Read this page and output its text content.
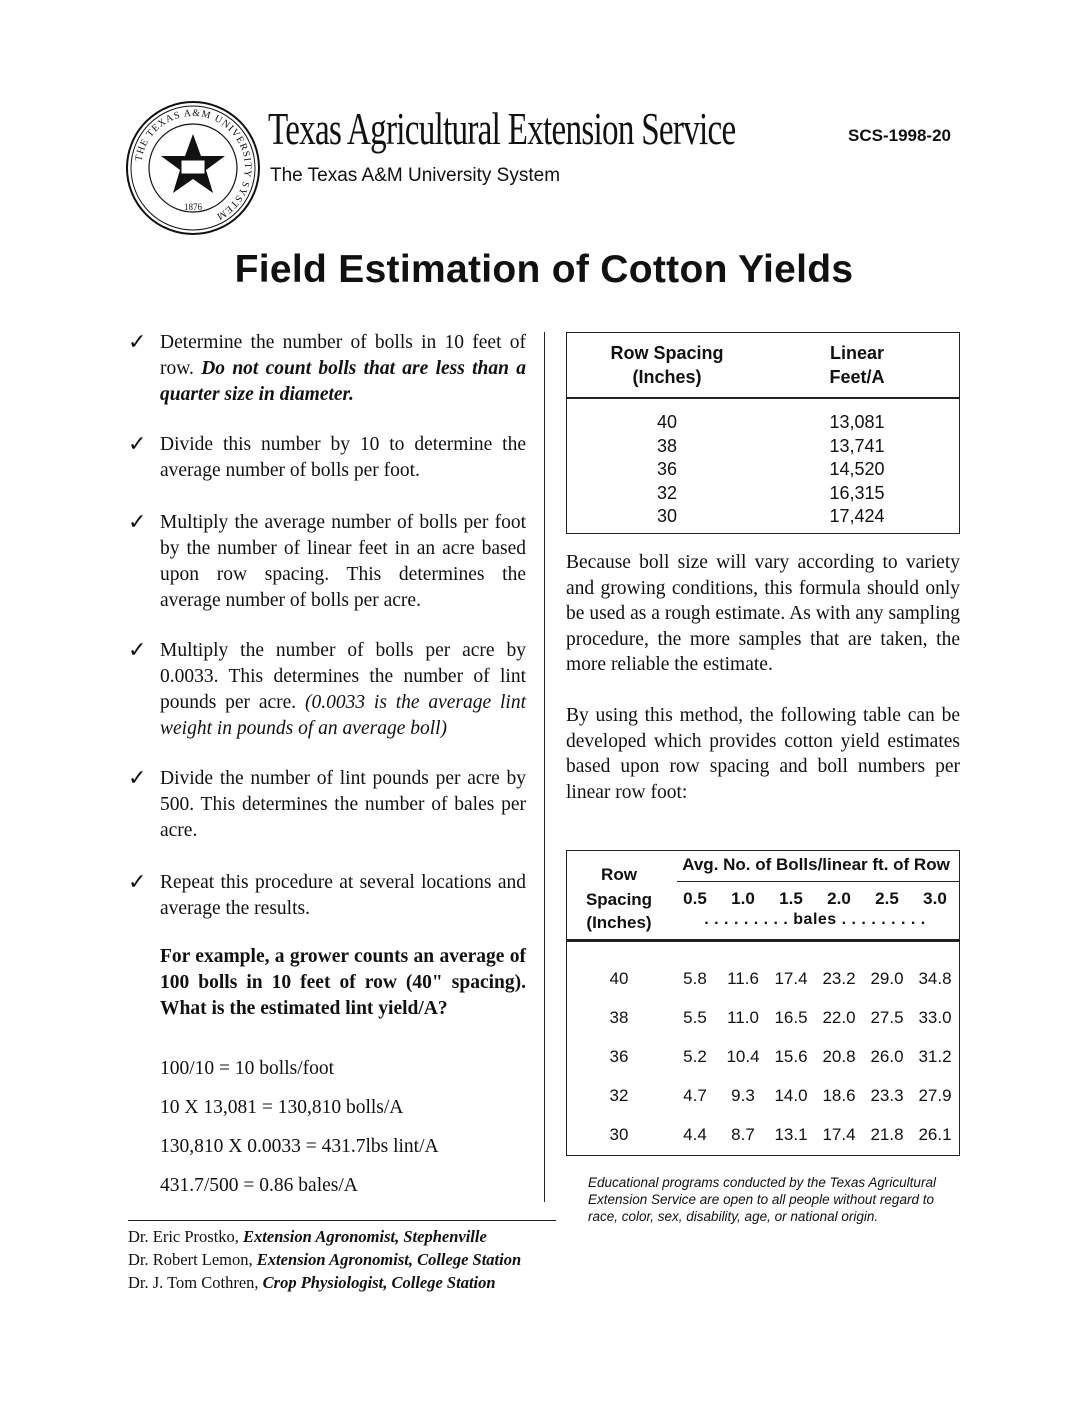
THE TEXAS A&M UNIVERSITY SYSTEM
1876
Texas Agricultural Extension Service
The Texas A&M University System
SCS-1998-20
Field Estimation of Cotton Yields
✓ Determine the number of bolls in 10 feet of row. Do not count bolls that are less than a quarter size in diameter.
✓ Divide this number by 10 to determine the average number of bolls per foot.
✓ Multiply the average number of bolls per foot by the number of linear feet in an acre based upon row spacing. This determines the average number of bolls per acre.
✓ Multiply the number of bolls per acre by 0.0033. This determines the number of lint pounds per acre. (0.0033 is the average lint weight in pounds of an average boll)
✓ Divide the number of lint pounds per acre by 500. This determines the number of bales per acre.
✓ Repeat this procedure at several locations and average the results.
For example, a grower counts an average of 100 bolls in 10 feet of row (40" spacing). What is the estimated lint yield/A?
100/10 = 10 bolls/foot
10 X 13,081 = 130,810 bolls/A
130,810 X 0.0033 = 431.7lbs lint/A
431.7/500 = 0.86 bales/A
Dr. Eric Prostko, Extension Agronomist, Stephenville
Dr. Robert Lemon, Extension Agronomist, College Station
Dr. J. Tom Cothren, Crop Physiologist, College Station
Row Spacing
(Inches)
Linear
Feet/A
40	13,081
38	13,741
36	14,520
32	16,315
30	17,424
Because boll size will vary according to variety and growing conditions, this formula should only be used as a rough estimate. As with any sampling procedure, the more samples that are taken, the more reliable the estimate.
By using this method, the following table can be developed which provides cotton yield estimates based upon row spacing and boll numbers per linear row foot:
Row
Spacing
(Inches)
Avg. No. of Bolls/linear ft. of Row
0.5	1.0	1.5	2.0	2.5	3.0
. . . . . . . . . bales . . . . . . . . .
40	5.8	11.6 17.4 23.2 29.0 34.8
38	5.5	11.0 16.5 22.0 27.5 33.0
36	5.2	10.4 15.6 20.8 26.0 31.2
32	4.7	9.3	14.0 18.6 23.3 27.9
30	4.4	8.7	13.1 17.4 21.8 26.1
Educational programs conducted by the Texas Agricultural Extension Service are open to all people without regard to race, color, sex, disability, age, or national origin.
